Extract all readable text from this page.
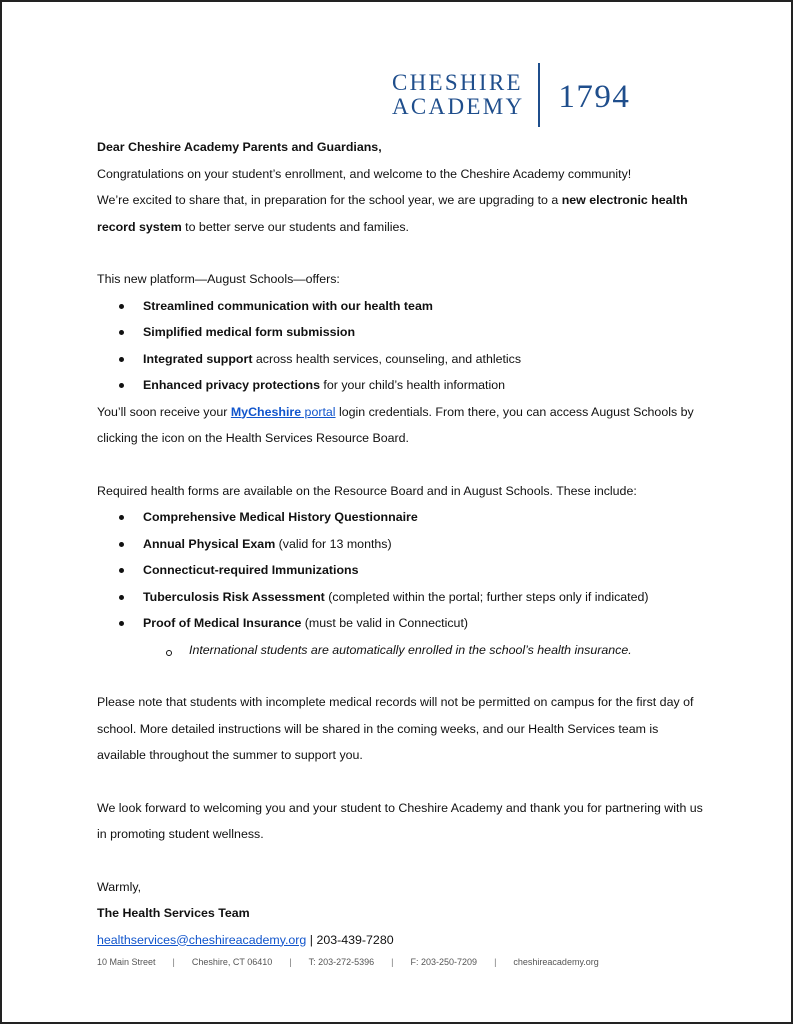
CHESHIRE
ACADEMY 1794

Dear Cheshire Academy Parents and Guardians,

Congratulations on your student’s enrollment, and welcome to the Cheshire Academy community!

We’re excited to share that, in preparation for the school year, we are upgrading to a new electronic health record system to better serve our students and families.

This new platform—August Schools—offers:

Streamlined communication with our health team
Simplified medical form submission
Integrated support across health services, counseling, and athletics
Enhanced privacy protections for your child’s health information

You’ll soon receive your MyCheshire portal login credentials. From there, you can access August Schools by clicking the icon on the Health Services Resource Board.

Required health forms are available on the Resource Board and in August Schools. These include:

Comprehensive Medical History Questionnaire
Annual Physical Exam (valid for 13 months)
Connecticut-required Immunizations
Tuberculosis Risk Assessment (completed within the portal; further steps only if indicated)
Proof of Medical Insurance (must be valid in Connecticut)

International students are automatically enrolled in the school’s health insurance.

Please note that students with incomplete medical records will not be permitted on campus for the first day of school. More detailed instructions will be shared in the coming weeks, and our Health Services team is available throughout the summer to support you.

We look forward to welcoming you and your student to Cheshire Academy and thank you for partnering with us in promoting student wellness.

Warmly,

The Health Services Team

healthservices@cheshireacademy.org | 203-439-7280

10 Main Street | Cheshire, CT 06410 | T: 203-272-5396 | F: 203-250-7209 | cheshireacademy.org
